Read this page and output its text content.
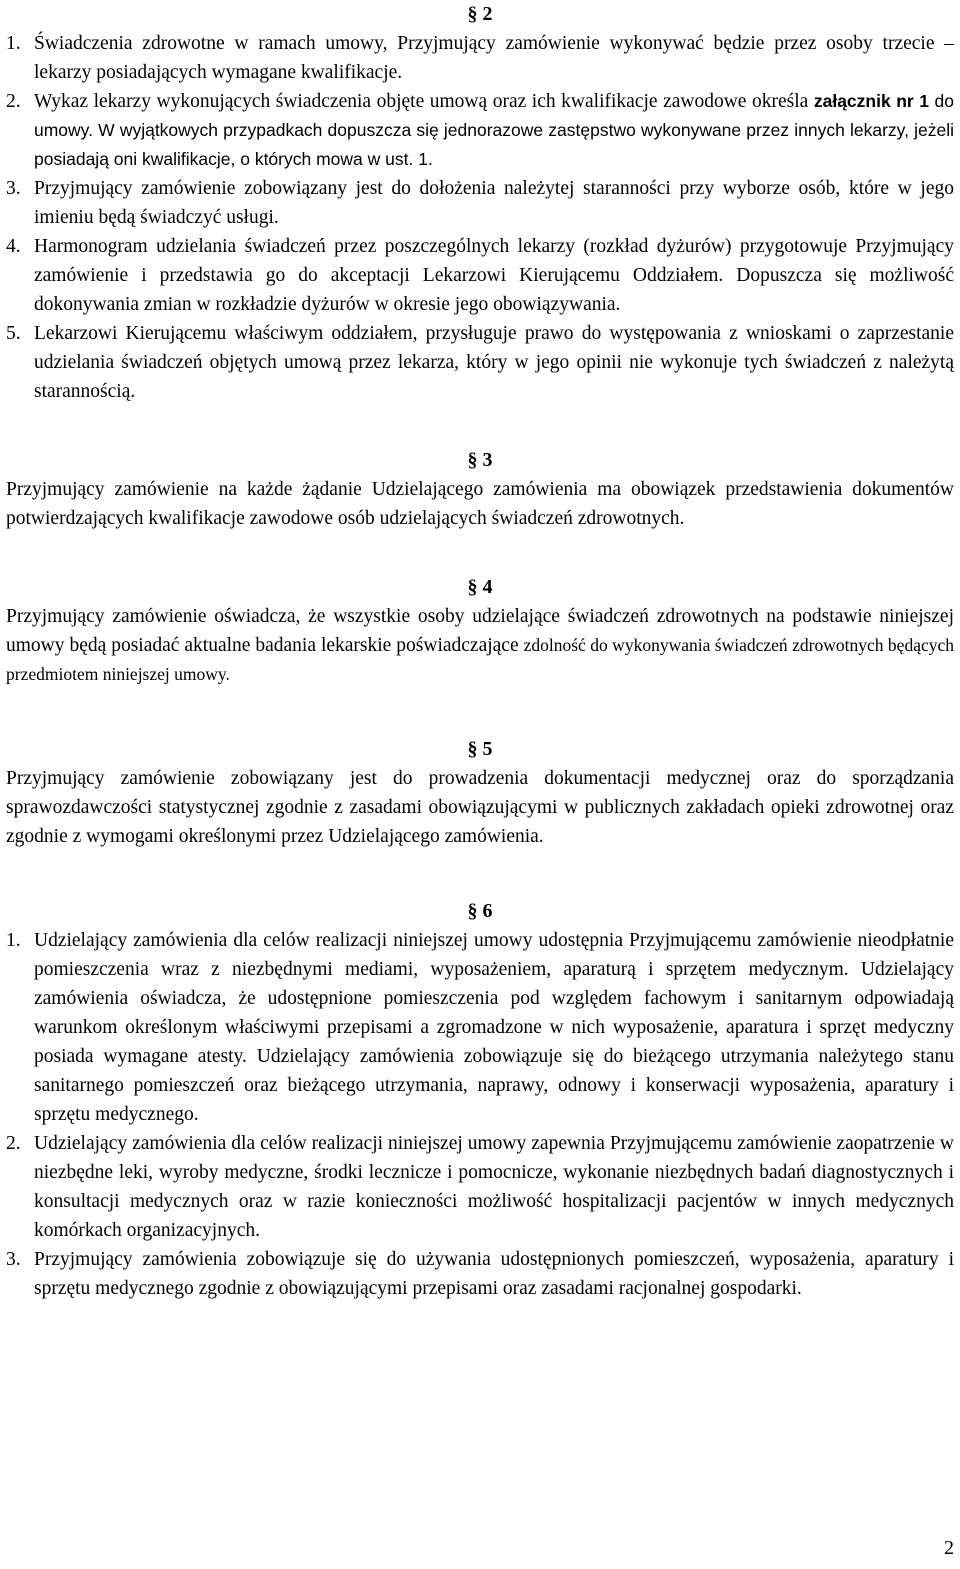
§ 2

1. Świadczenia zdrowotne w ramach umowy, Przyjmujący zamówienie wykonywać będzie przez osoby trzecie – lekarzy posiadających wymagane kwalifikacje.
2. Wykaz lekarzy wykonujących świadczenia objęte umową oraz ich kwalifikacje zawodowe określa załącznik nr 1 do umowy. W wyjątkowych przypadkach dopuszcza się jednorazowe zastępstwo wykonywane przez innych lekarzy, jeżeli posiadają oni kwalifikacje, o których mowa w ust. 1.
3. Przyjmujący zamówienie zobowiązany jest do dołożenia należytej staranności przy wyborze osób, które w jego imieniu będą świadczyć usługi.
4. Harmonogram udzielania świadczeń przez poszczególnych lekarzy (rozkład dyżurów) przygotowuje Przyjmujący zamówienie i przedstawia go do akceptacji Lekarzowi Kierującemu Oddziałem. Dopuszcza się możliwość dokonywania zmian w rozkładzie dyżurów w okresie jego obowiązywania.
5. Lekarzowi Kierującemu właściwym oddziałem, przysługuje prawo do występowania z wnioskami o zaprzestanie udzielania świadczeń objętych umową przez lekarza, który w jego opinii nie wykonuje tych świadczeń z należytą starannością.

§ 3

Przyjmujący zamówienie na każde żądanie Udzielającego zamówienia ma obowiązek przedstawienia dokumentów potwierdzających kwalifikacje zawodowe osób udzielających świadczeń zdrowotnych.

§ 4

Przyjmujący zamówienie oświadcza, że wszystkie osoby udzielające świadczeń zdrowotnych na podstawie niniejszej umowy będą posiadać aktualne badania lekarskie poświadczające zdolność do wykonywania świadczeń zdrowotnych będących przedmiotem niniejszej umowy.

§ 5

Przyjmujący zamówienie zobowiązany jest do prowadzenia dokumentacji medycznej oraz do sporządzania sprawozdawczości statystycznej zgodnie z zasadami obowiązującymi w publicznych zakładach opieki zdrowotnej oraz zgodnie z wymogami określonymi przez Udzielającego zamówienia.

§ 6

1. Udzielający zamówienia dla celów realizacji niniejszej umowy udostępnia Przyjmującemu zamówienie nieodpłatnie pomieszczenia wraz z niezbędnymi mediami, wyposażeniem, aparaturą i sprzętem medycznym. Udzielający zamówienia oświadcza, że udostępnione pomieszczenia pod względem fachowym i sanitarnym odpowiadają warunkom określonym właściwymi przepisami a zgromadzone w nich wyposażenie, aparatura i sprzęt medyczny posiada wymagane atesty. Udzielający zamówienia zobowiązuje się do bieżącego utrzymania należytego stanu sanitarnego pomieszczeń oraz bieżącego utrzymania, naprawy, odnowy i konserwacji wyposażenia, aparatury i sprzętu medycznego.
2. Udzielający zamówienia dla celów realizacji niniejszej umowy zapewnia Przyjmującemu zamówienie zaopatrzenie w niezbędne leki, wyroby medyczne, środki lecznicze i pomocnicze, wykonanie niezbędnych badań diagnostycznych i konsultacji medycznych oraz w razie konieczności możliwość hospitalizacji pacjentów w innych medycznych komórkach organizacyjnych.
3. Przyjmujący zamówienia zobowiązuje się do używania udostępnionych pomieszczeń, wyposażenia, aparatury i sprzętu medycznego zgodnie z obowiązującymi przepisami oraz zasadami racjonalnej gospodarki.
2
